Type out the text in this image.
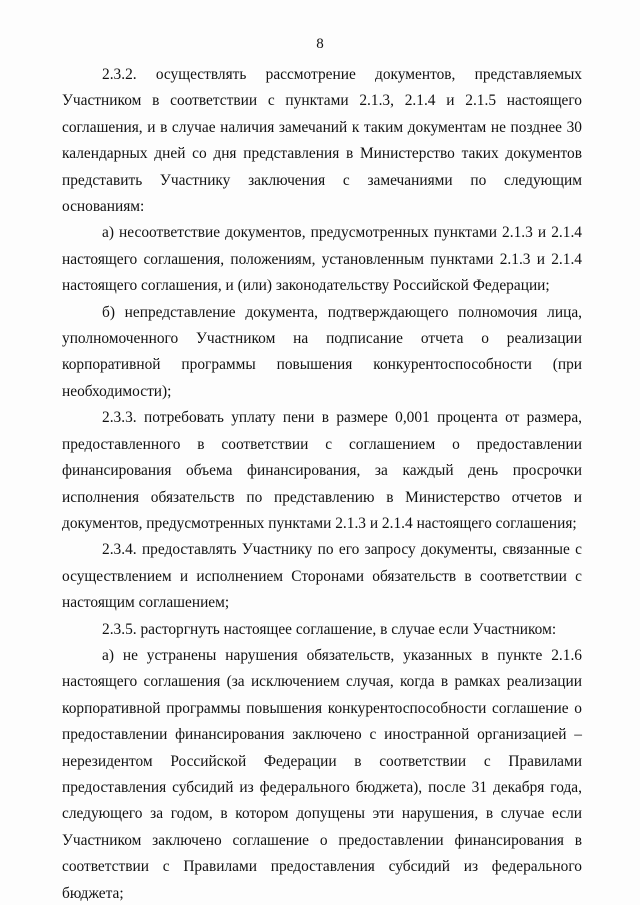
8

2.3.2. осуществлять рассмотрение документов, представляемых Участником в соответствии с пунктами 2.1.3, 2.1.4 и 2.1.5 настоящего соглашения, и в случае наличия замечаний к таким документам не позднее 30 календарных дней со дня представления в Министерство таких документов представить Участнику заключения с замечаниями по следующим основаниям:

а) несоответствие документов, предусмотренных пунктами 2.1.3 и 2.1.4 настоящего соглашения, положениям, установленным пунктами 2.1.3 и 2.1.4 настоящего соглашения, и (или) законодательству Российской Федерации;

б) непредставление документа, подтверждающего полномочия лица, уполномоченного Участником на подписание отчета о реализации корпоративной программы повышения конкурентоспособности (при необходимости);

2.3.3. потребовать уплату пени в размере 0,001 процента от размера, предоставленного в соответствии с соглашением о предоставлении финансирования объема финансирования, за каждый день просрочки исполнения обязательств по представлению в Министерство отчетов и документов, предусмотренных пунктами 2.1.3 и 2.1.4 настоящего соглашения;

2.3.4. предоставлять Участнику по его запросу документы, связанные с осуществлением и исполнением Сторонами обязательств в соответствии с настоящим соглашением;

2.3.5. расторгнуть настоящее соглашение, в случае если Участником:

а) не устранены нарушения обязательств, указанных в пункте 2.1.6 настоящего соглашения (за исключением случая, когда в рамках реализации корпоративной программы повышения конкурентоспособности соглашение о предоставлении финансирования заключено с иностранной организацией – нерезидентом Российской Федерации в соответствии с Правилами предоставления субсидий из федерального бюджета), после 31 декабря года, следующего за годом, в котором допущены эти нарушения, в случае если Участником заключено соглашение о предоставлении финансирования в соответствии с Правилами предоставления субсидий из федерального бюджета;
